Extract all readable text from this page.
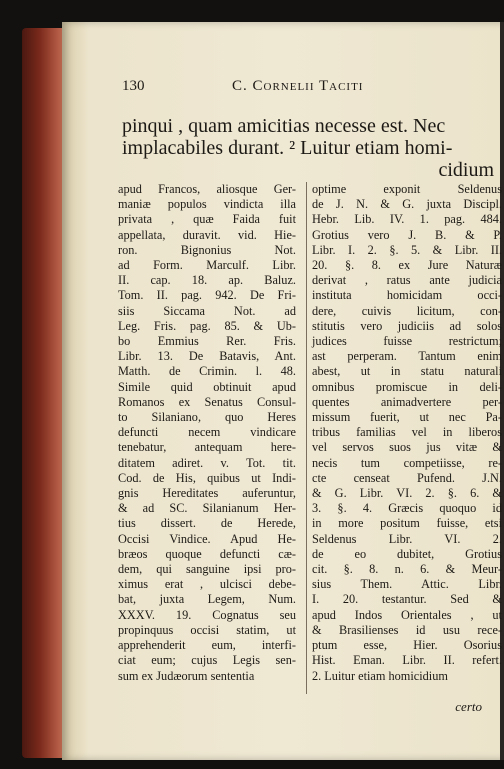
130	C. Cornelii Taciti
pinqui , quam amicitias necesse est. Nec
implacabiles durant. ² Luitur etiam homi-
cidium
apud Francos, aliosque Ger-
maniæ populos vindicta illa
privata , quæ Faida fuit
appellata, duravit. vid. Hie-
ron. Bignonius Not.
ad Form. Marculf. Libr.
II. cap. 18. ap. Baluz.
Tom. II. pag. 942. De Fri-
siis Siccama Not. ad
Leg. Fris. pag. 85. & Ub-
bo Emmius Rer. Fris.
Libr. 13. De Batavis, Ant.
Matth. de Crimin. l. 48.
Simile quid obtinuit apud
Romanos ex Senatus Consul-
to Silaniano, quo Heres
defuncti necem vindicare
tenebatur, antequam here-
ditatem adiret. v. Tot. tit.
Cod. de His, quibus ut Indi-
gnis Hereditates auferuntur,
& ad SC. Silanianum Her-
tius dissert. de Herede,
Occisi Vindice. Apud He-
bræos quoque defuncti cæ-
dem, qui sanguine ipsi pro-
ximus erat , ulcisci debe-
bat, juxta Legem, Num.
XXXV. 19. Cognatus seu
propinquus occisi statim, ut
apprehenderit eum, interfi-
ciat eum; cujus Legis sen-
sum ex Judæorum sententia
optime exponit Seldenus
de J. N. & G. juxta Discipl.
Hebr. Lib. IV. 1. pag. 484.
Grotius vero J. B. & P.
Libr. I. 2. §. 5. & Libr. II.
20. §. 8. ex Jure Naturæ
derivat , ratus ante judicia
instituta homicidam occi-
dere, cuivis licitum, con-
stitutis vero judiciis ad solos
judices fuisse restrictum;
ast perperam. Tantum enim
abest, ut in statu naturali
omnibus promiscue in deli-
quentes animadvertere per-
missum fuerit, ut nec Pa-
tribus familias vel in liberos
vel servos suos jus vitæ &
necis tum competiisse, re-
cte censeat Pufend. J.N.
& G. Libr. VI. 2. §. 6. &
3. §. 4. Græcis quoquo id
in more positum fuisse, etsi
Seldenus Libr. VI. 2.
de eo dubitet, Grotius
cit. §. 8. n. 6. & Meur-
sius Them. Attic. Libr.
I. 20. testantur. Sed &
apud Indos Orientales , ut
& Brasilienses id usu rece-
ptum esse, Hier. Osorius
Hist. Eman. Libr. II. refert.
2. Luitur etiam homicidium
certo
